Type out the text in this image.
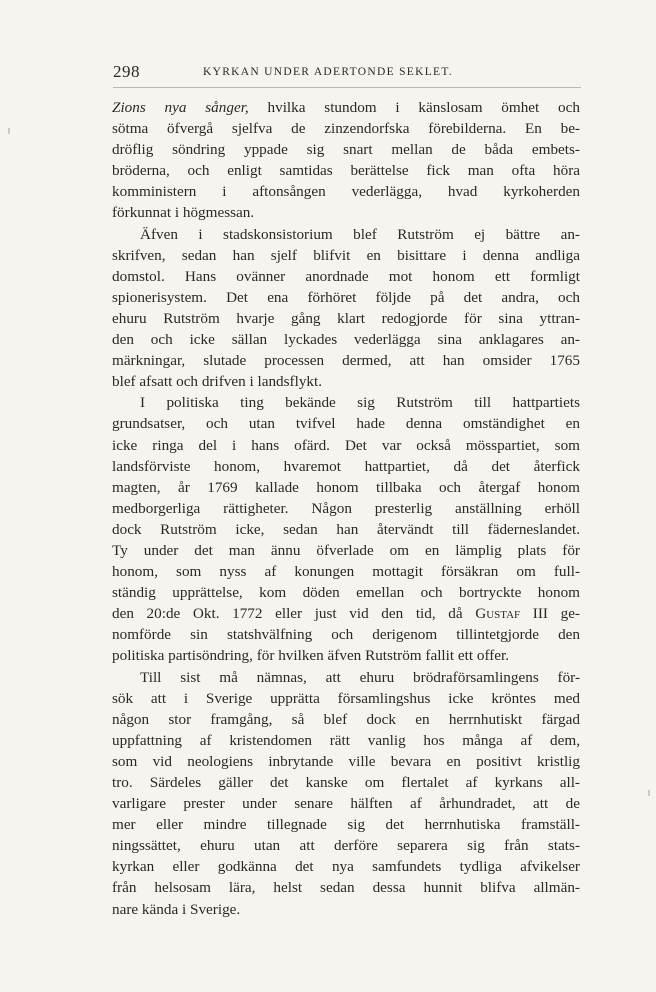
298	KYRKAN UNDER ADERTONDE SEKLET.
Zions nya sånger, hvilka stundom i känslosam ömhet och
sötma öfvergå sjelfva de zinzendorfska förebilderna. En be-
dröflig söndring yppade sig snart mellan de båda embets-
bröderna, och enligt samtidas berättelse fick man ofta höra
komministern i aftonsången vederlägga, hvad kyrkoherden
förkunnat i högmessan.
Äfven i stadskonsistorium blef Rutström ej bättre an-
skrifven, sedan han sjelf blifvit en bisittare i denna andliga
domstol. Hans ovänner anordnade mot honom ett formligt
spionerisystem. Det ena förhöret följde på det andra, och
ehuru Rutström hvarje gång klart redogjorde för sina yttran-
den och icke sällan lyckades vederlägga sina anklagares an-
märkningar, slutade processen dermed, att han omsider 1765
blef afsatt och drifven i landsflykt.
I politiska ting bekände sig Rutström till hattpartiets
grundsatser, och utan tvifvel hade denna omständighet en
icke ringa del i hans ofärd. Det var också mösspartiet, som
landsförviste honom, hvaremot hattpartiet, då det återfick
magten, år 1769 kallade honom tillbaka och återgaf honom
medborgerliga rättigheter. Någon presterlig anställning erhöll
dock Rutström icke, sedan han återvändt till fäderneslandet.
Ty under det man ännu öfverlade om en lämplig plats för
honom, som nyss af konungen mottagit försäkran om full-
ständig upprättelse, kom döden emellan och bortryckte honom
den 20:de Okt. 1772 eller just vid den tid, då Gustaf III ge-
nomförde sin statshvälfning och derigenom tillintetgjorde den
politiska partisöndring, för hvilken äfven Rutström fallit ett offer.
Till sist må nämnas, att ehuru brödraförsamlingens för-
sök att i Sverige upprätta församlingshus icke kröntes med
någon stor framgång, så blef dock en herrnhutiskt färgad
uppfattning af kristendomen rätt vanlig hos många af dem,
som vid neologiens inbrytande ville bevara en positivt kristlig
tro. Särdeles gäller det kanske om flertalet af kyrkans all-
varligare prester under senare hälften af århundradet, att de
mer eller mindre tillegnade sig det herrnhutiska framställ-
ningssättet, ehuru utan att derföre separera sig från stats-
kyrkan eller godkänna det nya samfundets tydliga afvikelser
från helsosam lära, helst sedan dessa hunnit blifva allmän-
nare kända i Sverige.
